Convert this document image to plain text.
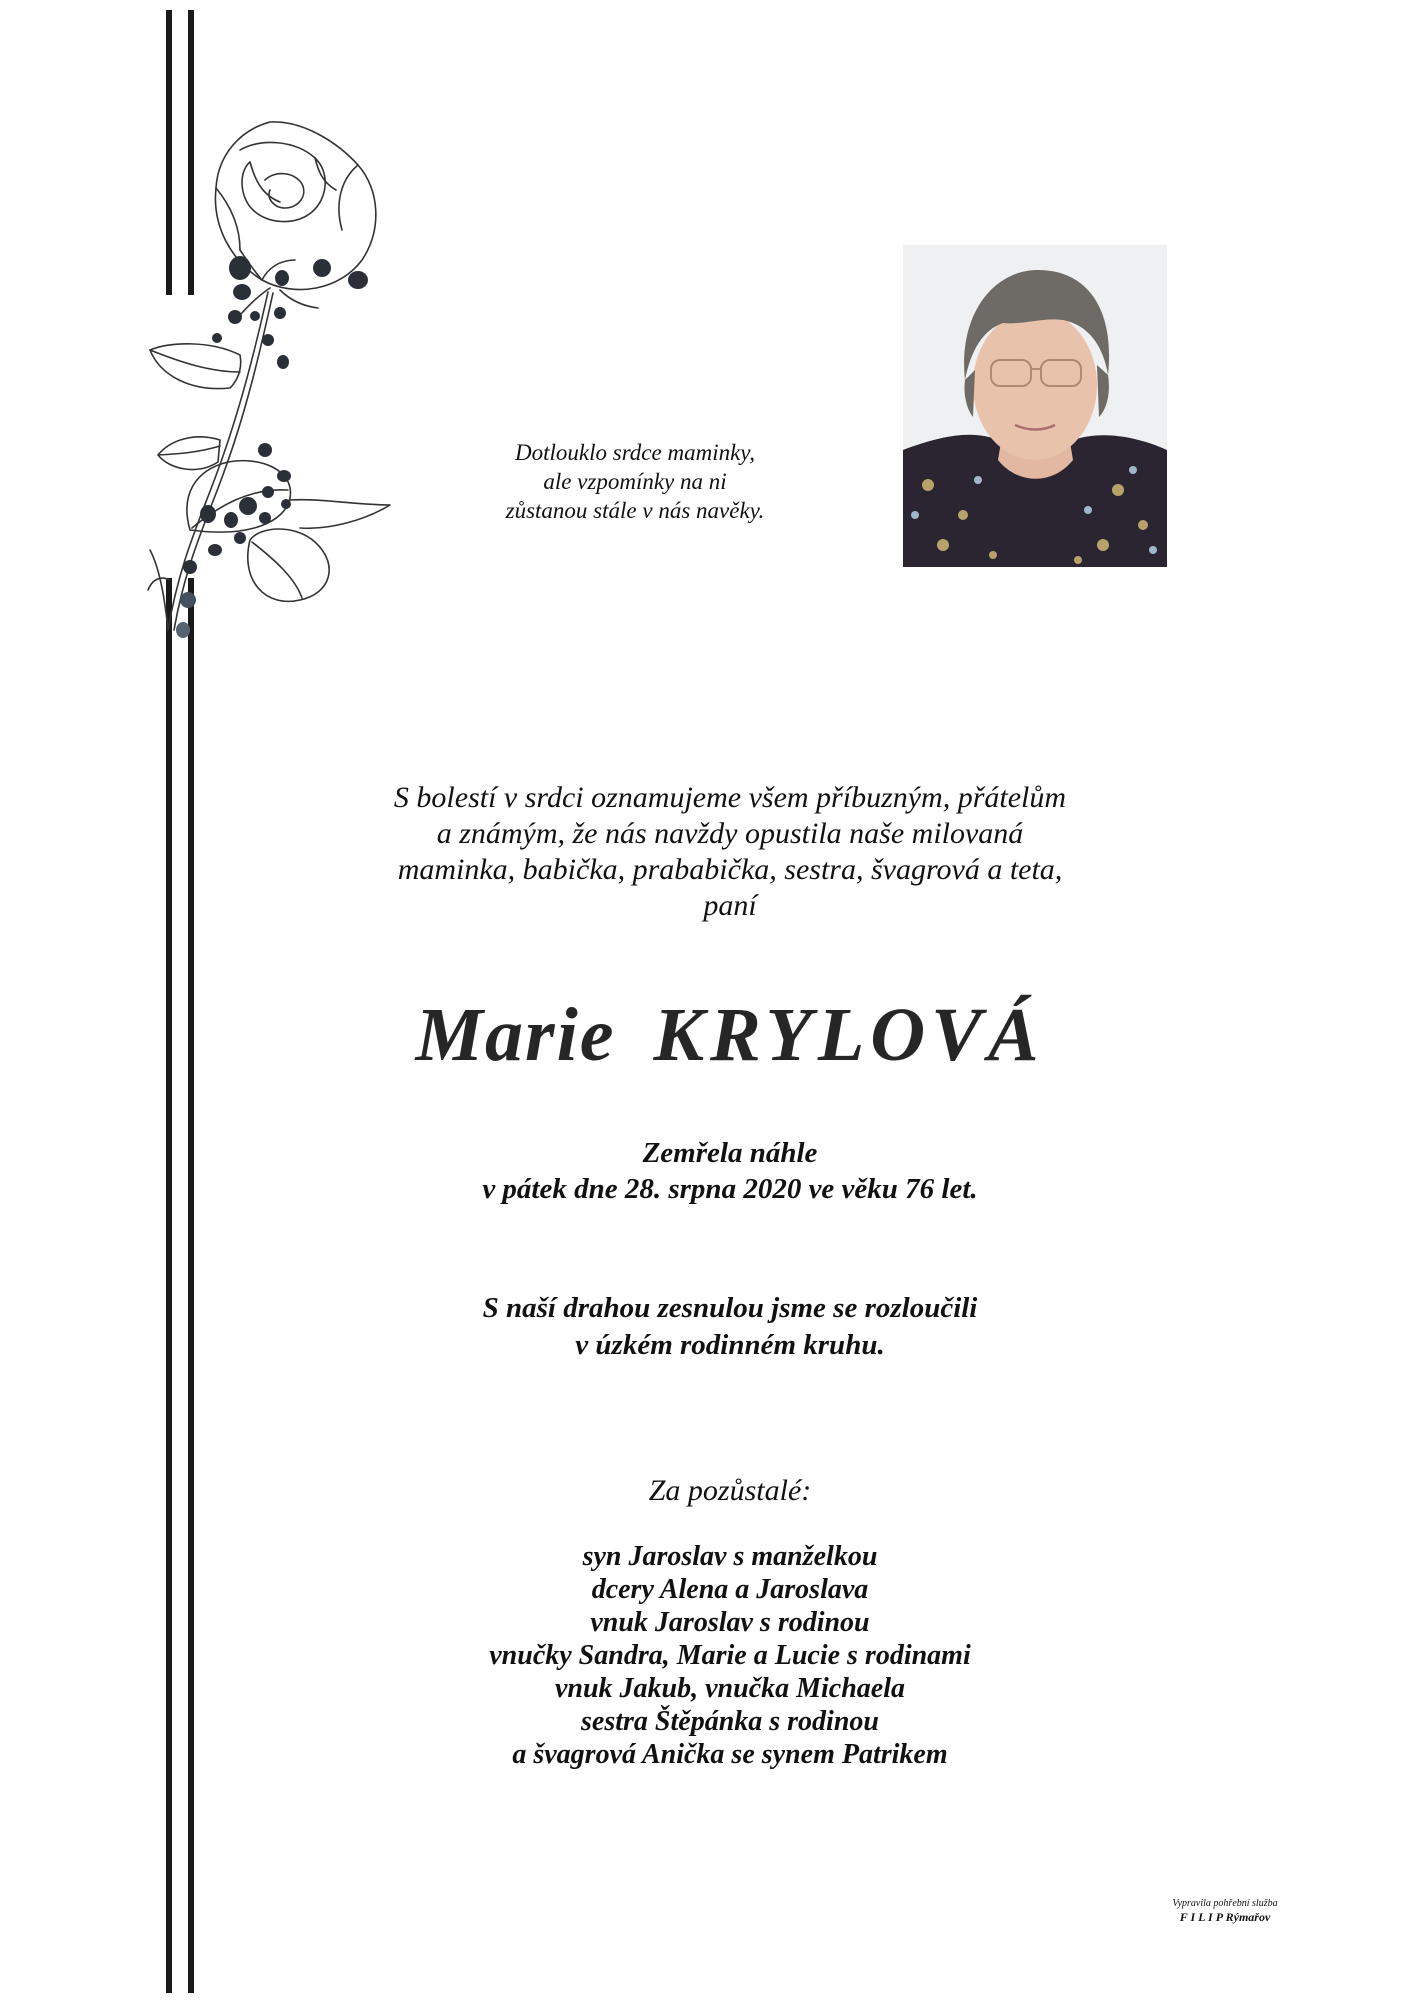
Dotlouklo srdce maminky,
ale vzpomínky na ni
zůstanou stále v nás navěky.
S bolestí v srdci oznamujeme všem příbuzným, přátelům
a známým, že nás navždy opustila naše milovaná
maminka, babička, prababička, sestra, švagrová a teta,
paní
Marie KRYLOVÁ
Zemřela náhle
v pátek dne 28. srpna 2020 ve věku 76 let.
S naší drahou zesnulou jsme se rozloučili
v úzkém rodinném kruhu.
Za pozůstalé:
syn Jaroslav s manželkou
dcery Alena a Jaroslava
vnuk Jaroslav s rodinou
vnučky Sandra, Marie a Lucie s rodinami
vnuk Jakub, vnučka Michaela
sestra Štěpánka s rodinou
a švagrová Anička se synem Patrikem
Vypravila pohřební služba
F I L I P Rýmařov
